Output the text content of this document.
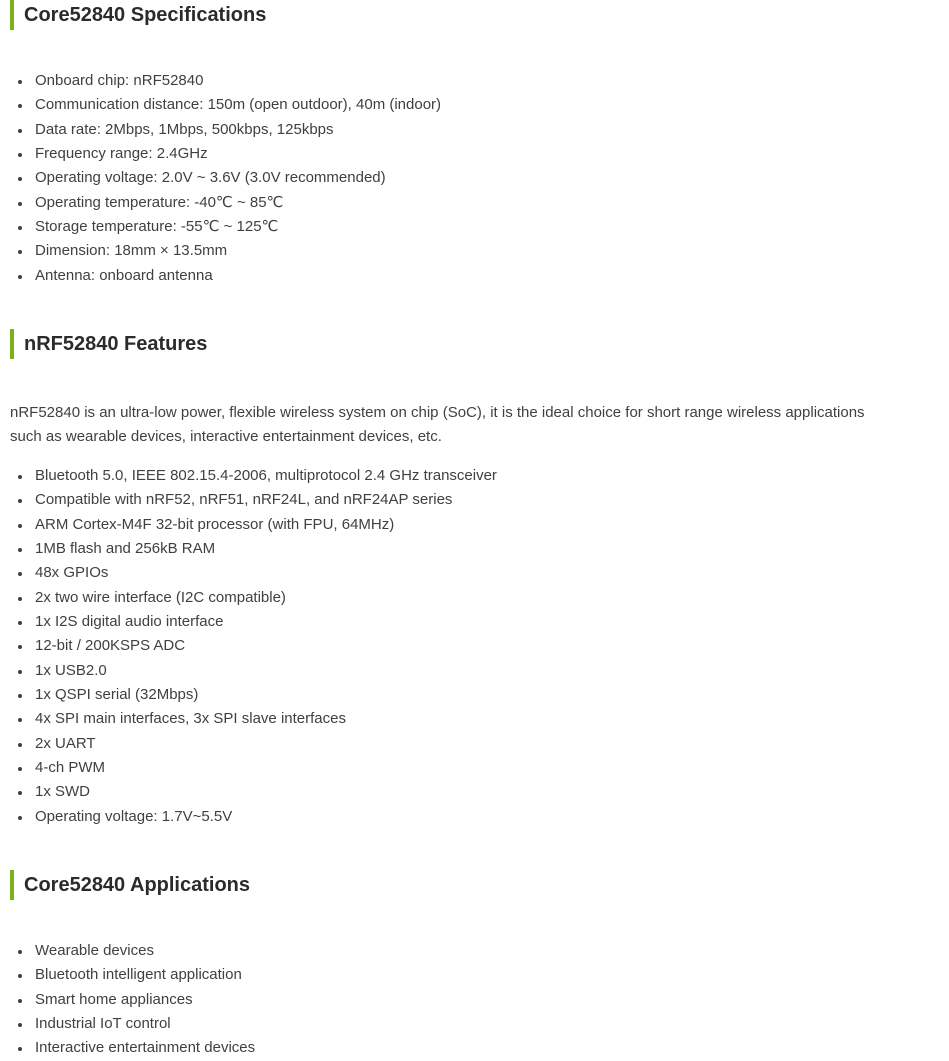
Core52840 Specifications
Onboard chip: nRF52840
Communication distance: 150m (open outdoor), 40m (indoor)
Data rate: 2Mbps, 1Mbps, 500kbps, 125kbps
Frequency range: 2.4GHz
Operating voltage: 2.0V ~ 3.6V (3.0V recommended)
Operating temperature: -40℃ ~ 85℃
Storage temperature: -55℃ ~ 125℃
Dimension: 18mm × 13.5mm
Antenna: onboard antenna
nRF52840 Features
nRF52840 is an ultra-low power, flexible wireless system on chip (SoC), it is the ideal choice for short range wireless applications
such as wearable devices, interactive entertainment devices, etc.
Bluetooth 5.0, IEEE 802.15.4-2006, multiprotocol 2.4 GHz transceiver
Compatible with nRF52, nRF51, nRF24L, and nRF24AP series
ARM Cortex-M4F 32-bit processor (with FPU, 64MHz)
1MB flash and 256kB RAM
48x GPIOs
2x two wire interface (I2C compatible)
1x I2S digital audio interface
12-bit / 200KSPS ADC
1x USB2.0
1x QSPI serial (32Mbps)
4x SPI main interfaces, 3x SPI slave interfaces
2x UART
4-ch PWM
1x SWD
Operating voltage: 1.7V~5.5V
Core52840 Applications
Wearable devices
Bluetooth intelligent application
Smart home appliances
Industrial IoT control
Interactive entertainment devices
